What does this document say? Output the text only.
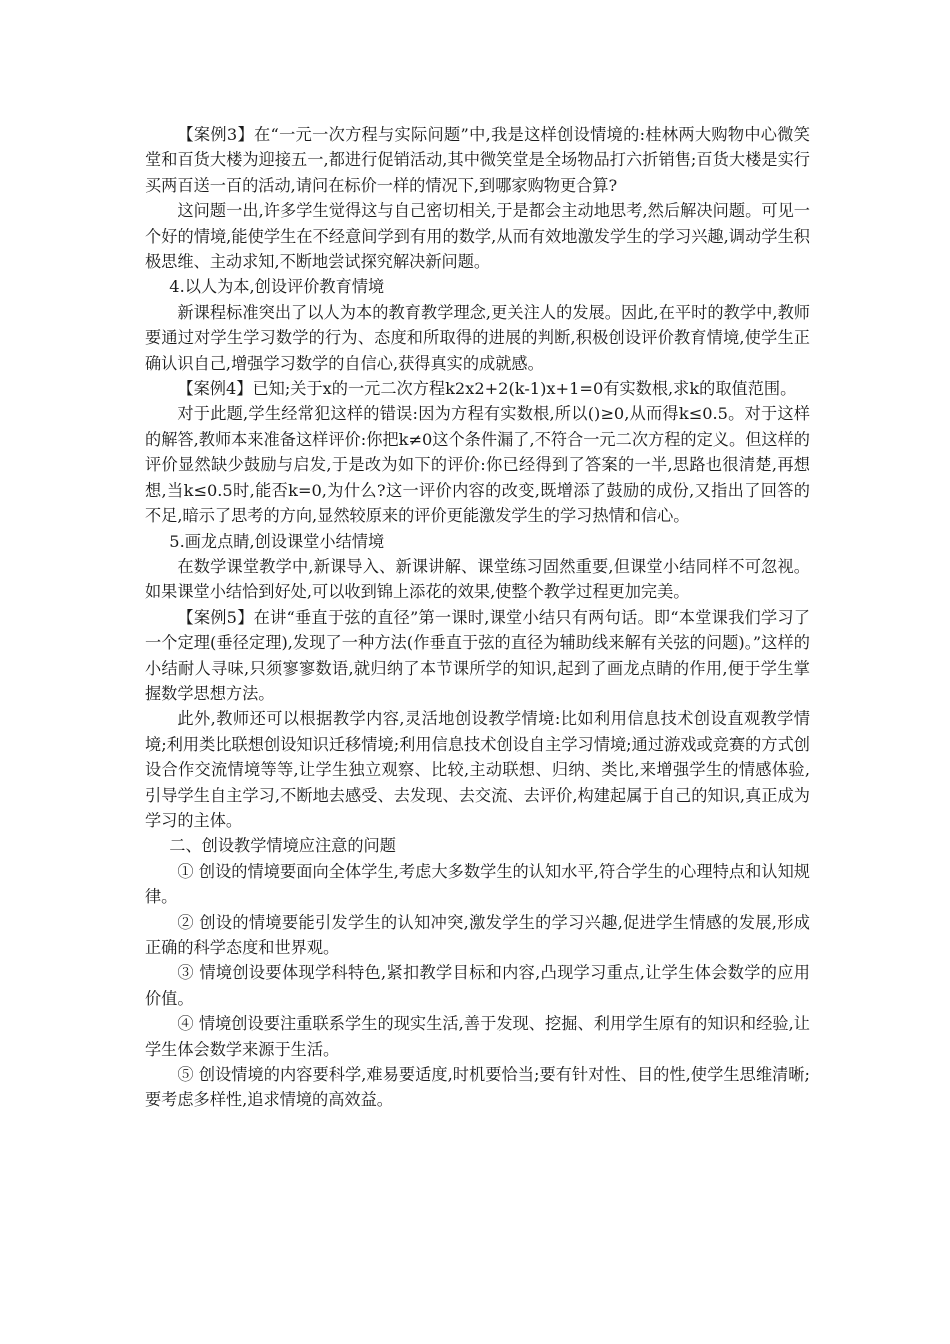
【案例3】在“一元一次方程与实际问题”中,我是这样创设情境的:桂林两大购物中心微笑堂和百货大楼为迎接五一,都进行促销活动,其中微笑堂是全场物品打六折销售;百货大楼是实行买两百送一百的活动,请问在标价一样的情况下,到哪家购物更合算?

这问题一出,许多学生觉得这与自己密切相关,于是都会主动地思考,然后解决问题。可见一个好的情境,能使学生在不经意间学到有用的数学,从而有效地激发学生的学习兴趣,调动学生积极思维、主动求知,不断地尝试探究解决新问题。

4.以人为本,创设评价教育情境

新课程标准突出了以人为本的教育教学理念,更关注人的发展。因此,在平时的教学中,教师要通过对学生学习数学的行为、态度和所取得的进展的判断,积极创设评价教育情境,使学生正确认识自己,增强学习数学的自信心,获得真实的成就感。

【案例4】已知;关于x的一元二次方程k2x2+2(k-1)x+1=0有实数根,求k的取值范围。

对于此题,学生经常犯这样的错误:因为方程有实数根,所以()≥0,从而得k≤0.5。对于这样的解答,教师本来准备这样评价:你把k≠0这个条件漏了,不符合一元二次方程的定义。但这样的评价显然缺少鼓励与启发,于是改为如下的评价:你已经得到了答案的一半,思路也很清楚,再想想,当k≤0.5时,能否k=0,为什么?这一评价内容的改变,既增添了鼓励的成份,又指出了回答的不足,暗示了思考的方向,显然较原来的评价更能激发学生的学习热情和信心。

5.画龙点睛,创设课堂小结情境

在数学课堂教学中,新课导入、新课讲解、课堂练习固然重要,但课堂小结同样不可忽视。如果课堂小结恰到好处,可以收到锦上添花的效果,使整个教学过程更加完美。

【案例5】在讲“垂直于弦的直径”第一课时,课堂小结只有两句话。即“本堂课我们学习了一个定理(垂径定理),发现了一种方法(作垂直于弦的直径为辅助线来解有关弦的问题)。”这样的小结耐人寻味,只须寥寥数语,就归纳了本节课所学的知识,起到了画龙点睛的作用,便于学生掌握数学思想方法。

此外,教师还可以根据教学内容,灵活地创设教学情境:比如利用信息技术创设直观教学情境;利用类比联想创设知识迁移情境;利用信息技术创设自主学习情境;通过游戏或竞赛的方式创设合作交流情境等等,让学生独立观察、比较,主动联想、归纳、类比,来增强学生的情感体验,引导学生自主学习,不断地去感受、去发现、去交流、去评价,构建起属于自己的知识,真正成为学习的主体。

二、创设教学情境应注意的问题

① 创设的情境要面向全体学生,考虑大多数学生的认知水平,符合学生的心理特点和认知规律。

② 创设的情境要能引发学生的认知冲突,激发学生的学习兴趣,促进学生情感的发展,形成正确的科学态度和世界观。

③ 情境创设要体现学科特色,紧扣教学目标和内容,凸现学习重点,让学生体会数学的应用价值。

④ 情境创设要注重联系学生的现实生活,善于发现、挖掘、利用学生原有的知识和经验,让学生体会数学来源于生活。

⑤ 创设情境的内容要科学,难易要适度,时机要恰当;要有针对性、目的性,使学生思维清晰;要考虑多样性,追求情境的高效益。
